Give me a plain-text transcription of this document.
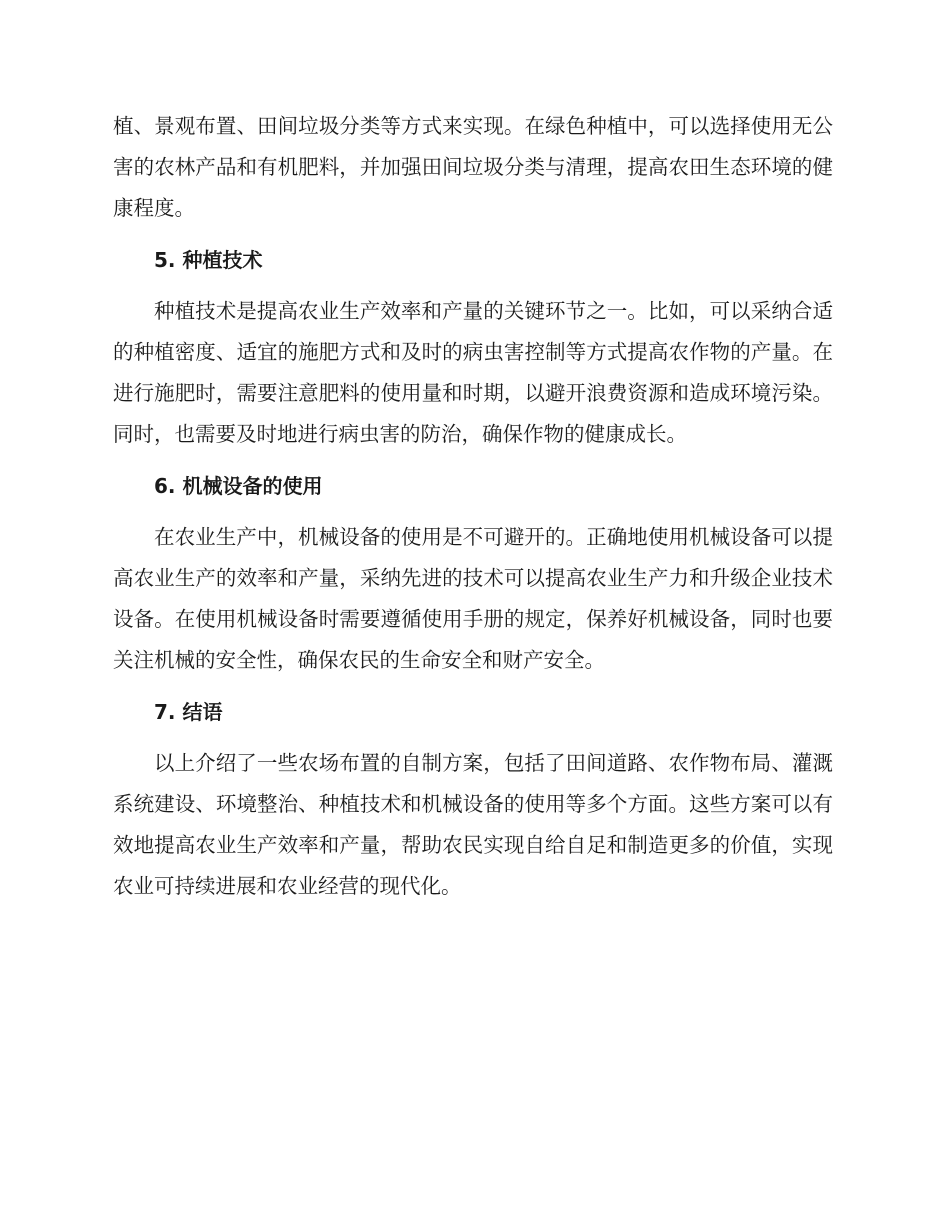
植、景观布置、田间垃圾分类等方式来实现。在绿色种植中，可以选择使用无公害的农林产品和有机肥料，并加强田间垃圾分类与清理，提高农田生态环境的健康程度。

5. 种植技术

种植技术是提高农业生产效率和产量的关键环节之一。比如，可以采纳合适的种植密度、适宜的施肥方式和及时的病虫害控制等方式提高农作物的产量。在进行施肥时，需要注意肥料的使用量和时期，以避开浪费资源和造成环境污染。同时，也需要及时地进行病虫害的防治，确保作物的健康成长。

6. 机械设备的使用

在农业生产中，机械设备的使用是不可避开的。正确地使用机械设备可以提高农业生产的效率和产量，采纳先进的技术可以提高农业生产力和升级企业技术设备。在使用机械设备时需要遵循使用手册的规定，保养好机械设备，同时也要关注机械的安全性，确保农民的生命安全和财产安全。

7. 结语

以上介绍了一些农场布置的自制方案，包括了田间道路、农作物布局、灌溉系统建设、环境整治、种植技术和机械设备的使用等多个方面。这些方案可以有效地提高农业生产效率和产量，帮助农民实现自给自足和制造更多的价值，实现农业可持续进展和农业经营的现代化。
